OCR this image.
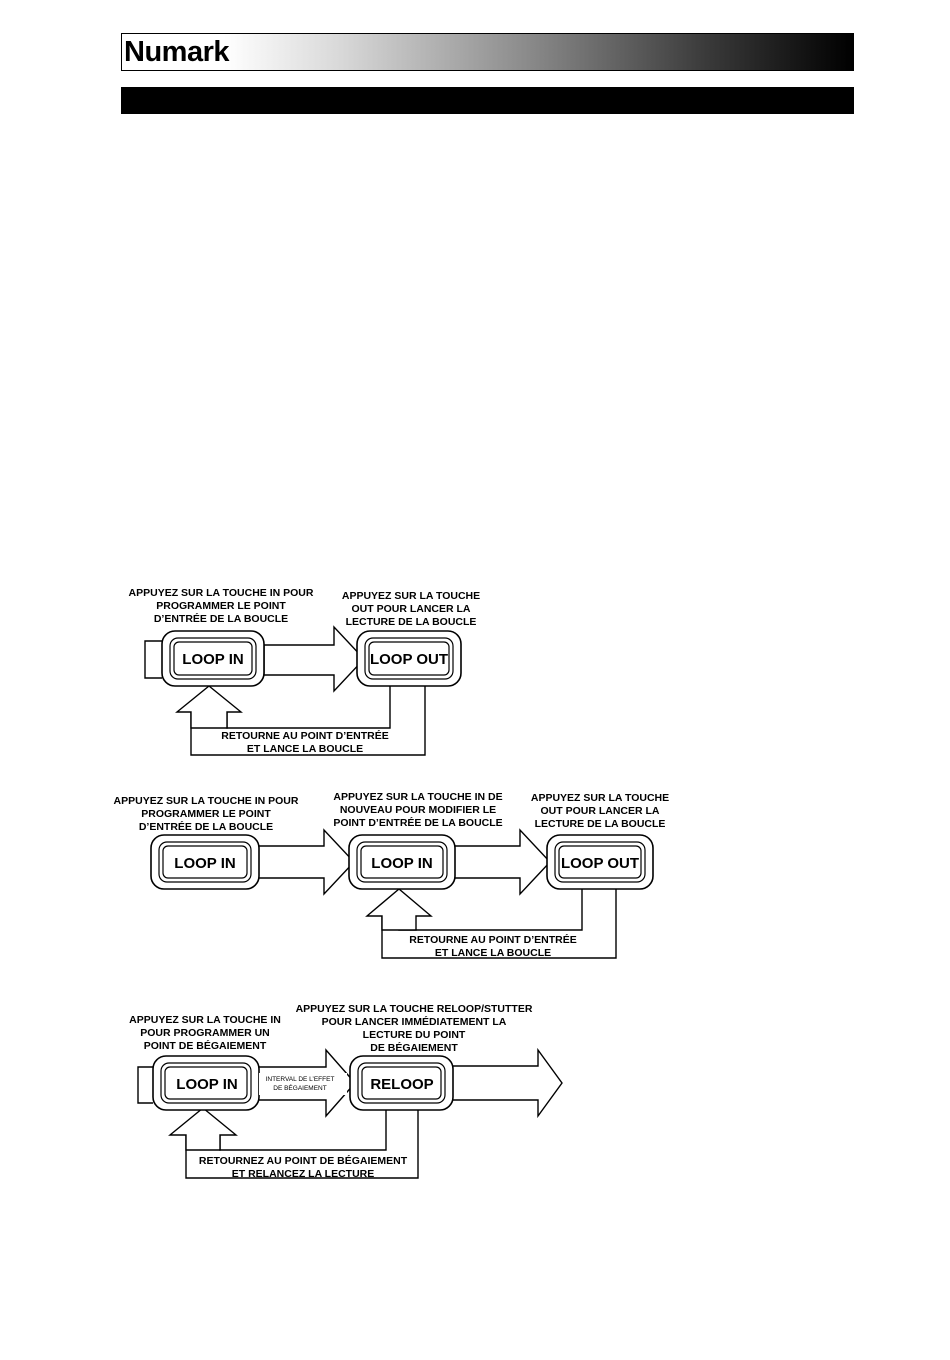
Numark
APPUYEZ SUR LA TOUCHE IN POUR
PROGRAMMER LE POINT
D’ENTRÉE DE LA BOUCLE
APPUYEZ SUR LA TOUCHE
OUT POUR LANCER LA
LECTURE DE LA BOUCLE
LOOP IN	LOOP OUT
RETOURNE AU POINT D’ENTRÉE
ET LANCE LA BOUCLE
APPUYEZ SUR LA TOUCHE IN POUR
PROGRAMMER LE POINT
D’ENTRÉE DE LA BOUCLE
APPUYEZ SUR LA TOUCHE IN DE
NOUVEAU POUR MODIFIER LE
POINT D’ENTRÉE DE LA BOUCLE
APPUYEZ SUR LA TOUCHE
OUT POUR LANCER LA
LECTURE DE LA BOUCLE
LOOP IN	LOOP IN	LOOP OUT
RETOURNE AU POINT D’ENTRÉE
ET LANCE LA BOUCLE
APPUYEZ SUR LA TOUCHE IN
POUR PROGRAMMER UN
POINT DE BÉGAIEMENT
APPUYEZ SUR LA TOUCHE RELOOP/STUTTER
POUR LANCER IMMÉDIATEMENT LA
LECTURE DU POINT
DE BÉGAIEMENT
LOOP IN	RELOOP
INTERVAL DE L’EFFET
DE BÉGAIEMENT
RETOURNEZ AU POINT DE BÉGAIEMENT
ET RELANCEZ LA LECTURE
